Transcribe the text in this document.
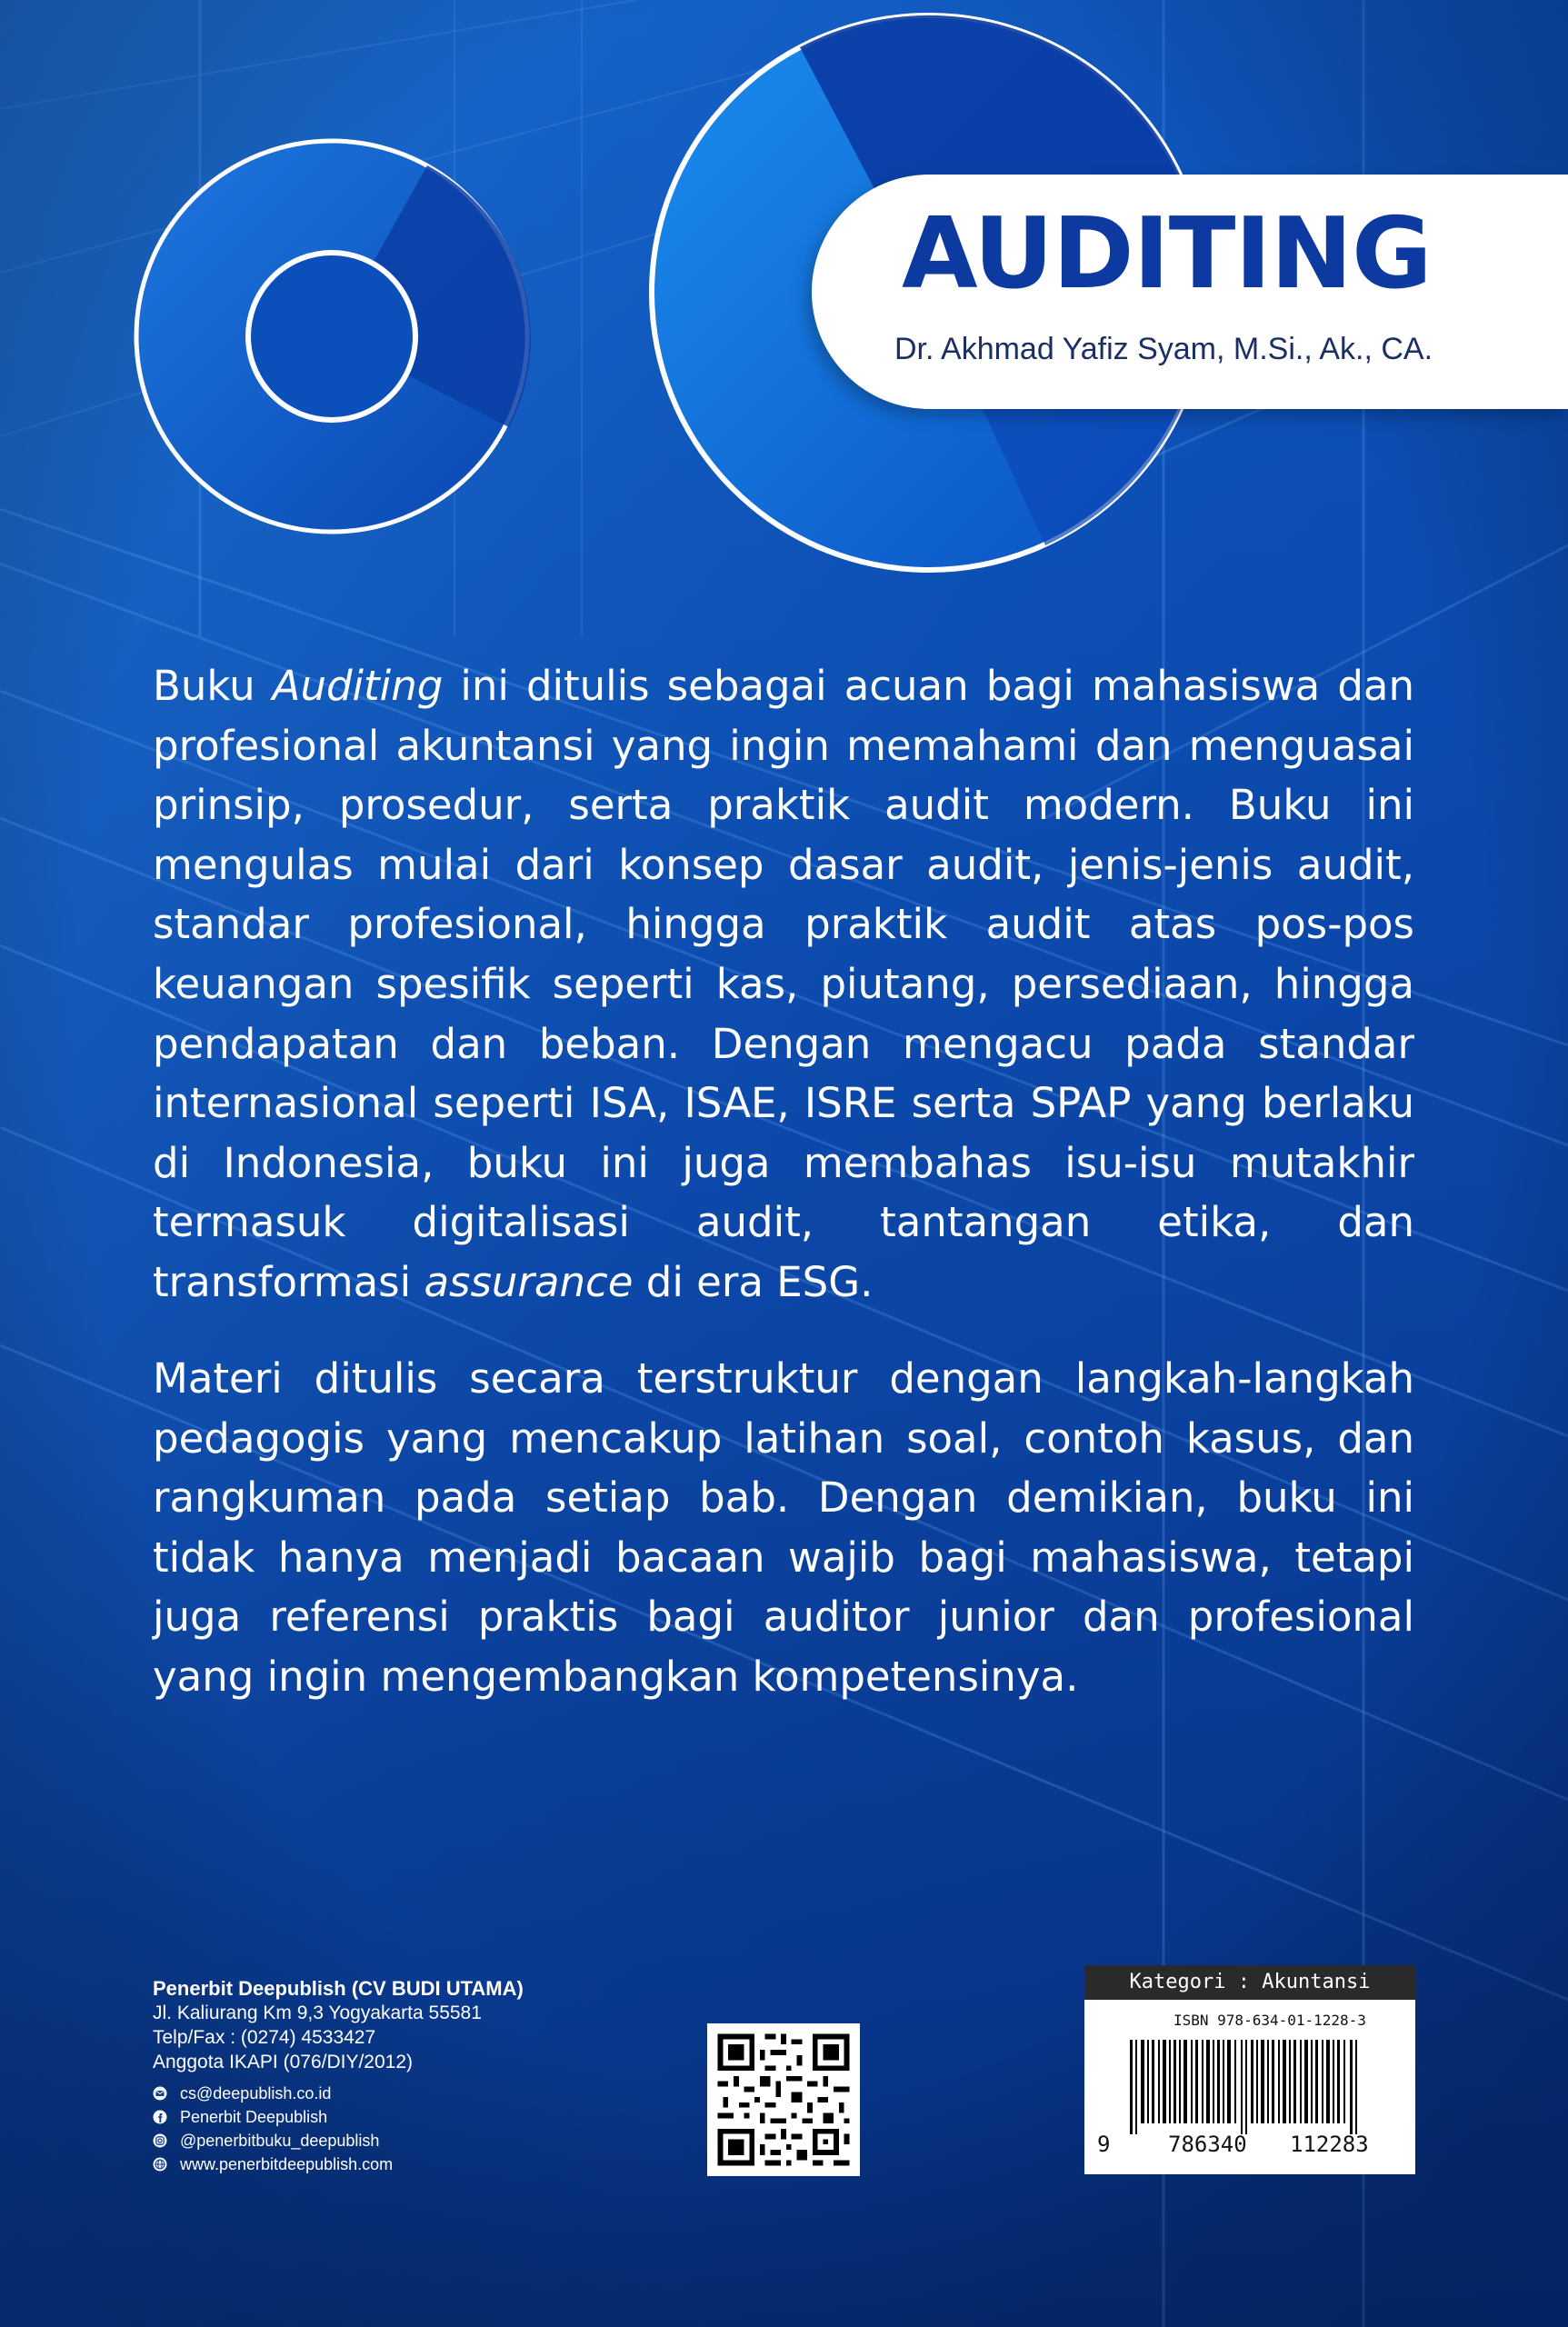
AUDITING
Dr. Akhmad Yafiz Syam, M.Si., Ak., CA.

Buku Auditing ini ditulis sebagai acuan bagi mahasiswa dan profesional akuntansi yang ingin memahami dan menguasai prinsip, prosedur, serta praktik audit modern. Buku ini mengulas mulai dari konsep dasar audit, jenis-jenis audit, standar profesional, hingga praktik audit atas pos-pos keuangan spesifik seperti kas, piutang, persediaan, hingga pendapatan dan beban. Dengan mengacu pada standar internasional seperti ISA, ISAE, ISRE serta SPAP yang berlaku di Indonesia, buku ini juga membahas isu-isu mutakhir termasuk digitalisasi audit, tantangan etika, dan transformasi assurance di era ESG.

Materi ditulis secara terstruktur dengan langkah-langkah pedagogis yang mencakup latihan soal, contoh kasus, dan rangkuman pada setiap bab. Dengan demikian, buku ini tidak hanya menjadi bacaan wajib bagi mahasiswa, tetapi juga referensi praktis bagi auditor junior dan profesional yang ingin mengembangkan kompetensinya.

Penerbit Deepublish (CV BUDI UTAMA)
Jl. Kaliurang Km 9,3 Yogyakarta 55581
Telp/Fax : (0274) 4533427
Anggota IKAPI (076/DIY/2012)
cs@deepublish.co.id
Penerbit Deepublish
@penerbitbuku_deepublish
www.penerbitdeepublish.com
Kategori : Akuntansi
ISBN 978-634-01-1228-3
9	786340 112283
